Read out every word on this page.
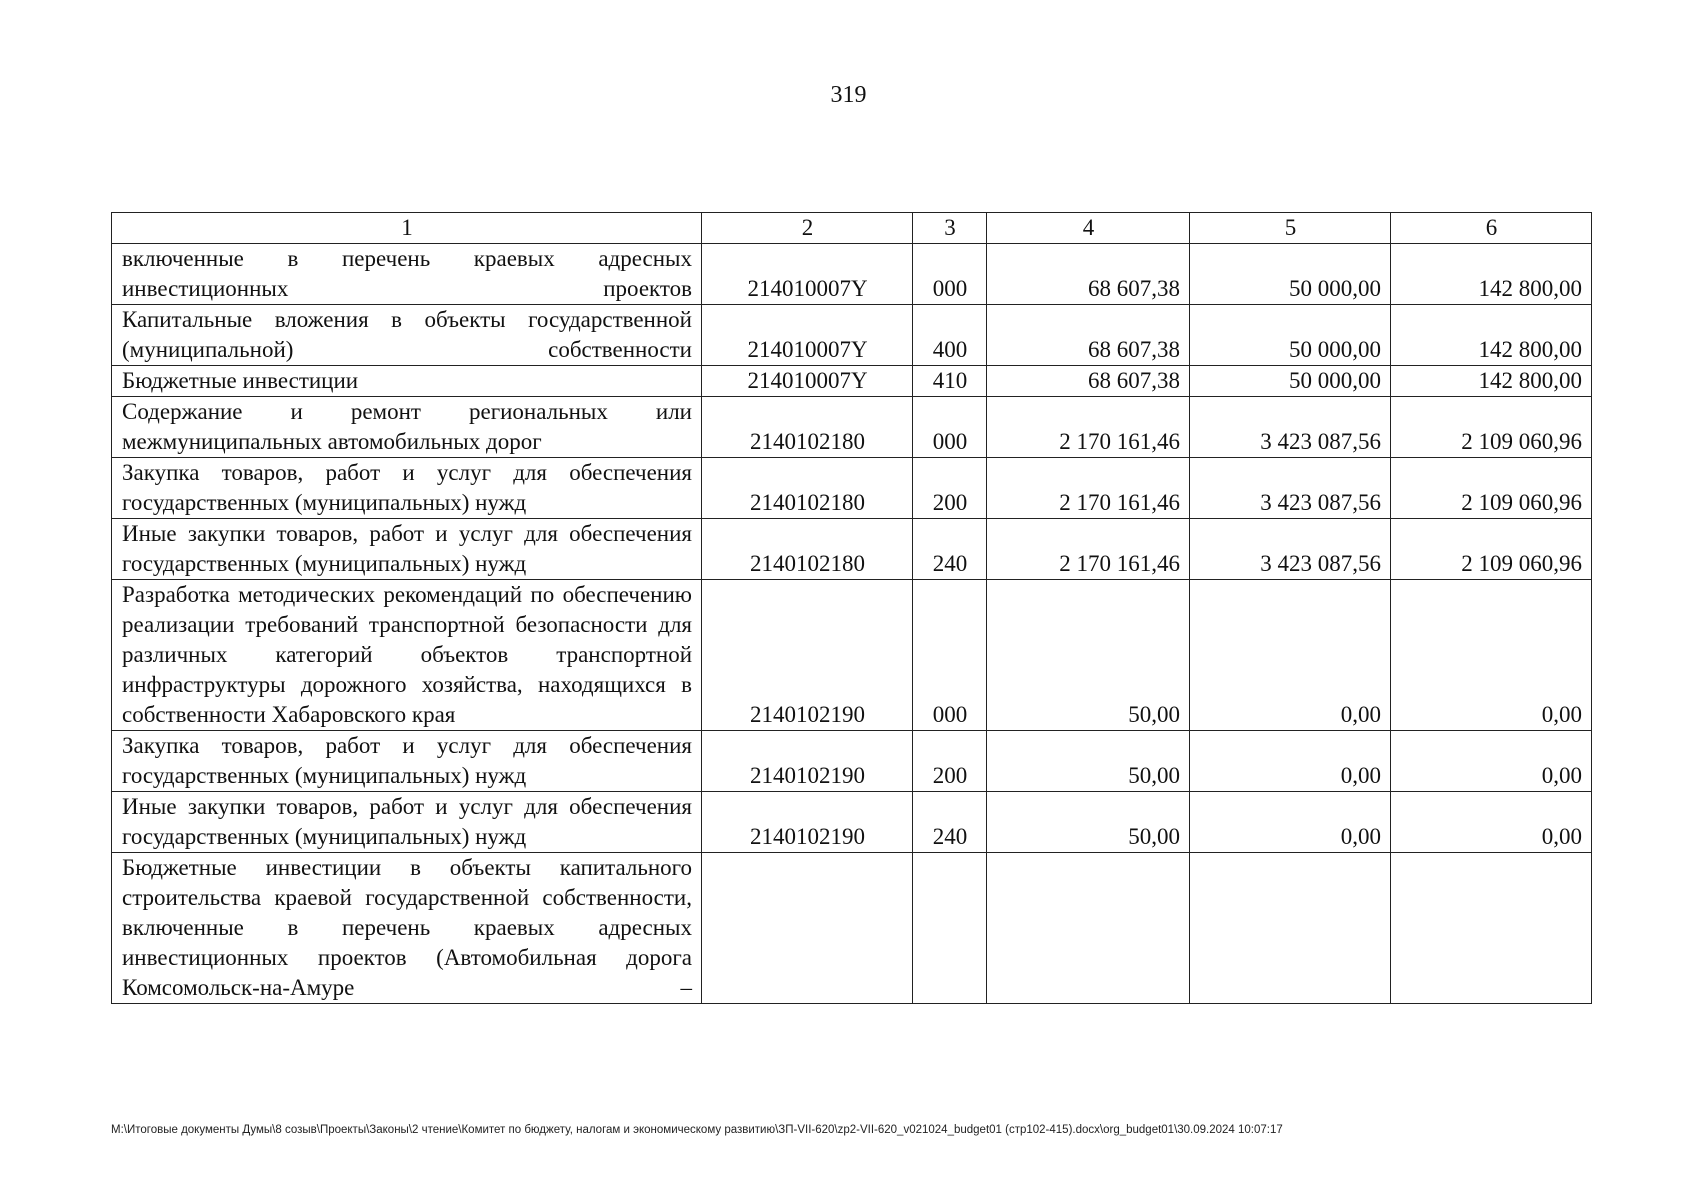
319
1	2	3	4	5	6
включенные в перечень краевых адресных инвестиционных проектов	214010007Y	000	68 607,38	50 000,00	142 800,00
Капитальные вложения в объекты государственной (муниципальной) собственности	214010007Y	400	68 607,38	50 000,00	142 800,00
Бюджетные инвестиции	214010007Y	410	68 607,38	50 000,00	142 800,00
Содержание и ремонт региональных или межмуниципальных автомобильных дорог	2140102180	000	2 170 161,46	3 423 087,56	2 109 060,96
Закупка товаров, работ и услуг для обеспечения государственных (муниципальных) нужд	2140102180	200	2 170 161,46	3 423 087,56	2 109 060,96
Иные закупки товаров, работ и услуг для обеспечения государственных (муниципальных) нужд	2140102180	240	2 170 161,46	3 423 087,56	2 109 060,96
Разработка методических рекомендаций по обеспечению реализации требований транспортной безопасности для различных категорий объектов транспортной инфраструктуры дорожного хозяйства, находящихся в собственности Хабаровского края	2140102190	000	50,00	0,00	0,00
Закупка товаров, работ и услуг для обеспечения государственных (муниципальных) нужд	2140102190	200	50,00	0,00	0,00
Иные закупки товаров, работ и услуг для обеспечения государственных (муниципальных) нужд	2140102190	240	50,00	0,00	0,00
Бюджетные инвестиции в объекты капитального строительства краевой государственной собственности, включенные в перечень краевых адресных инвестиционных проектов (Автомобильная дорога Комсомольск-на-Амуре –					
M:\Итоговые документы Думы\8 созыв\Проекты\Законы\2 чтение\Комитет по бюджету, налогам и экономическому развитию\ЗП-VII-620\zp2-VII-620_v021024_budget01 (стр102-415).docx\org_budget01\30.09.2024 10:07:17
